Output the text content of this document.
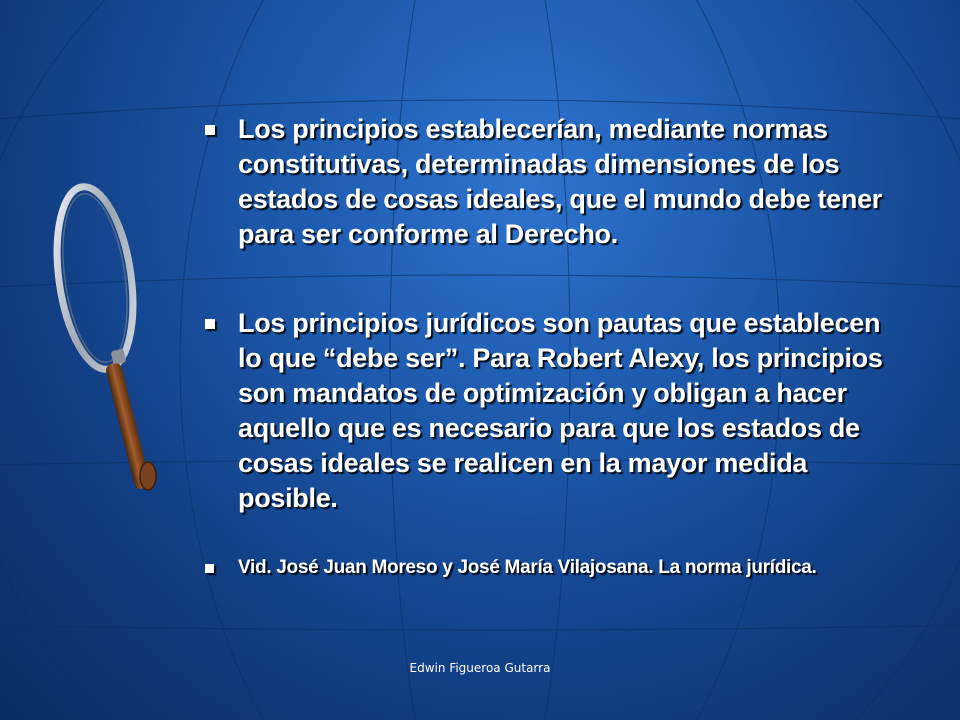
Los principios establecerían, mediante normas constitutivas, determinadas dimensiones de los estados de cosas ideales, que el mundo debe tener para ser conforme al Derecho.
Los principios jurídicos son pautas que establecen lo que “debe ser”. Para Robert Alexy, los principios son mandatos de optimización y obligan a hacer aquello que es necesario para que los estados de cosas ideales se realicen en la mayor medida posible.
Vid. José Juan Moreso y José María Vilajosana. La norma jurídica.
Edwin Figueroa Gutarra
